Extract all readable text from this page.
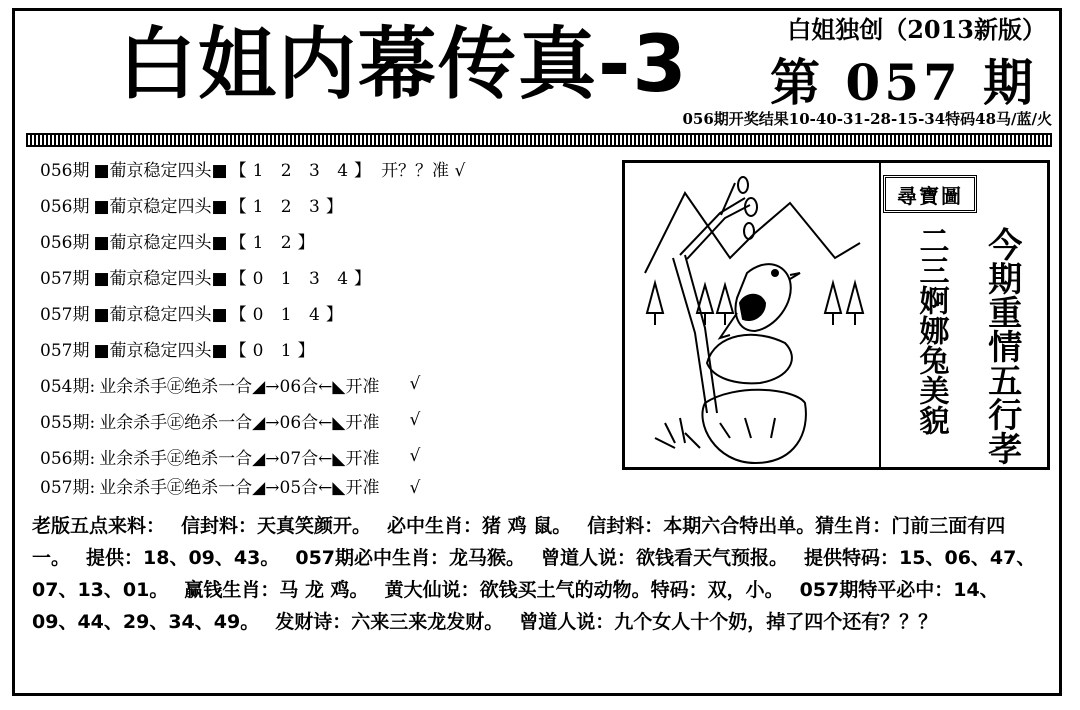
白姐内幕传真-3	白姐独创（2013新版）
第 057 期
056期开奖结果10-40-31-28-15-34特码48马/蓝/火
056期 ■葡京稳定四头■ 【1 2 3 4】 开？？准 √
056期 ■葡京稳定四头■ 【1 2 3】
056期 ■葡京稳定四头■ 【1 2】
057期 ■葡京稳定四头■ 【0 1 3 4】
057期 ■葡京稳定四头■ 【0 1 4】
057期 ■葡京稳定四头■ 【0 1】
054期: 业余杀手㊣绝杀一合◢→06合←◣开准 √
055期: 业余杀手㊣绝杀一合◢→06合←◣开准 √
056期: 业余杀手㊣绝杀一合◢→07合←◣开准 √
057期: 业余杀手㊣绝杀一合◢→05合←◣开准 √
尋寶圖
今期重情五行孝
二三婀娜兔美貌
老版五点来料： 信封料：天真笑颜开。 必中生肖：猪 鸡 鼠。 信封料：本期六合特出单。猜生肖：门前三面有四一。 提供：18、09、43。 057期必中生肖：龙马猴。 曾道人说：欲钱看天气预报。 提供特码：15、06、47、07、13、01。 赢钱生肖：马 龙 鸡。 黄大仙说：欲钱买土气的动物。特码：双，小。 057期特平必中：14、09、44、29、34、49。 发财诗：六来三来龙发财。 曾道人说：九个女人十个奶，掉了四个还有？？？
